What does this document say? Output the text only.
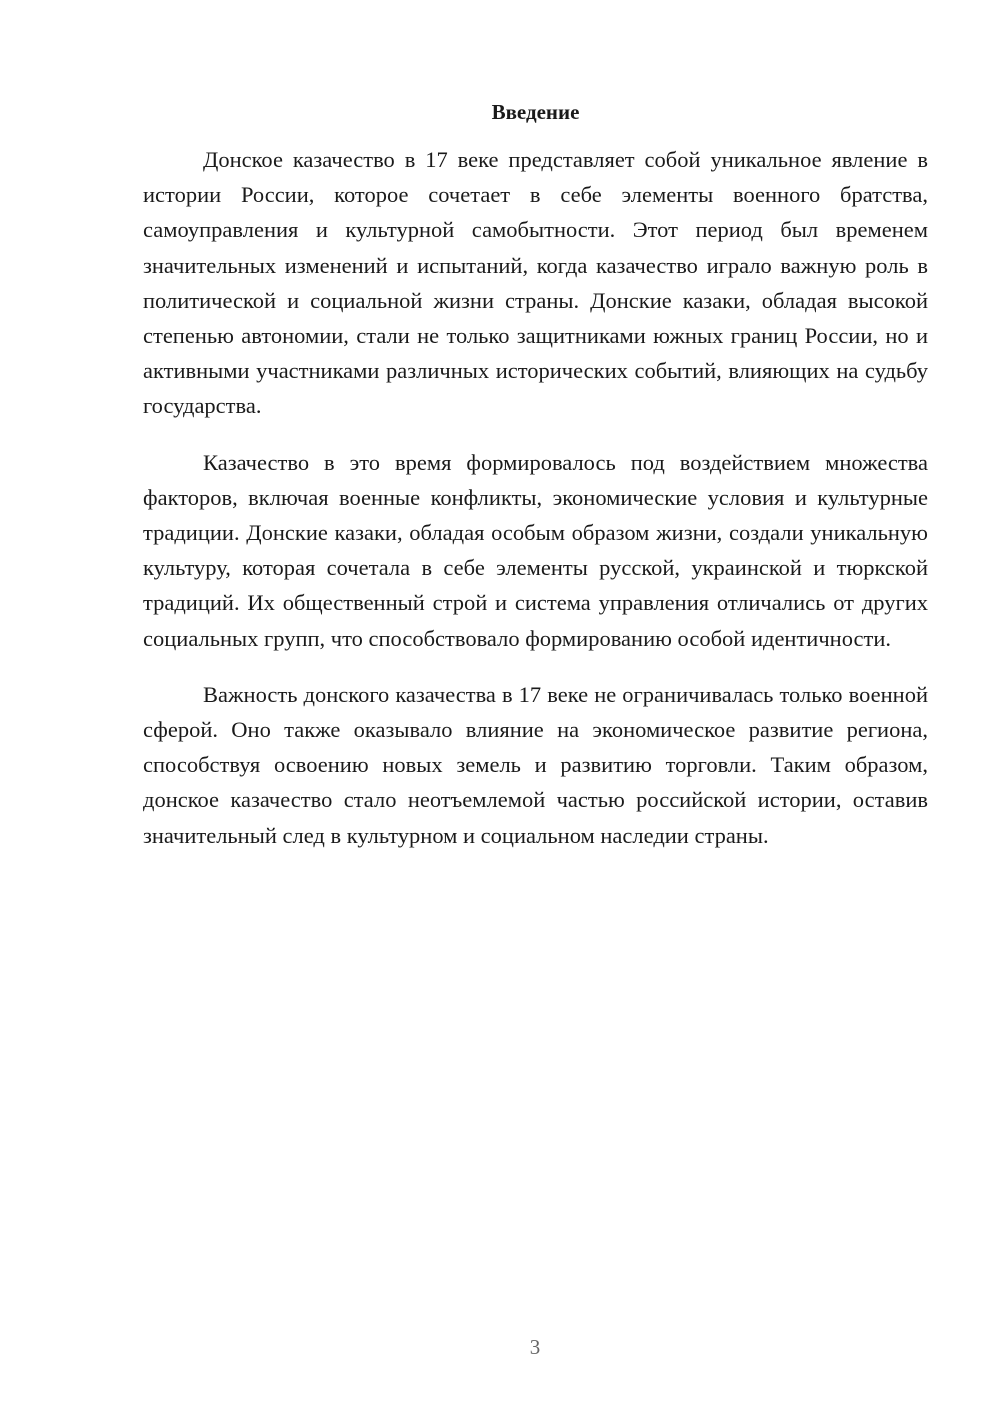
Введение

Донское казачество в 17 веке представляет собой уникальное явление в истории России, которое сочетает в себе элементы военного братства, самоуправления и культурной самобытности. Этот период был временем значительных изменений и испытаний, когда казачество играло важную роль в политической и социальной жизни страны. Донские казаки, обладая высокой степенью автономии, стали не только защитниками южных границ России, но и активными участниками различных исторических событий, влияющих на судьбу государства.

Казачество в это время формировалось под воздействием множества факторов, включая военные конфликты, экономические условия и культурные традиции. Донские казаки, обладая особым образом жизни, создали уникальную культуру, которая сочетала в себе элементы русской, украинской и тюркской традиций. Их общественный строй и система управления отличались от других социальных групп, что способствовало формированию особой идентичности.

Важность донского казачества в 17 веке не ограничивалась только военной сферой. Оно также оказывало влияние на экономическое развитие региона, способствуя освоению новых земель и развитию торговли. Таким образом, донское казачество стало неотъемлемой частью российской истории, оставив значительный след в культурном и социальном наследии страны.

3
